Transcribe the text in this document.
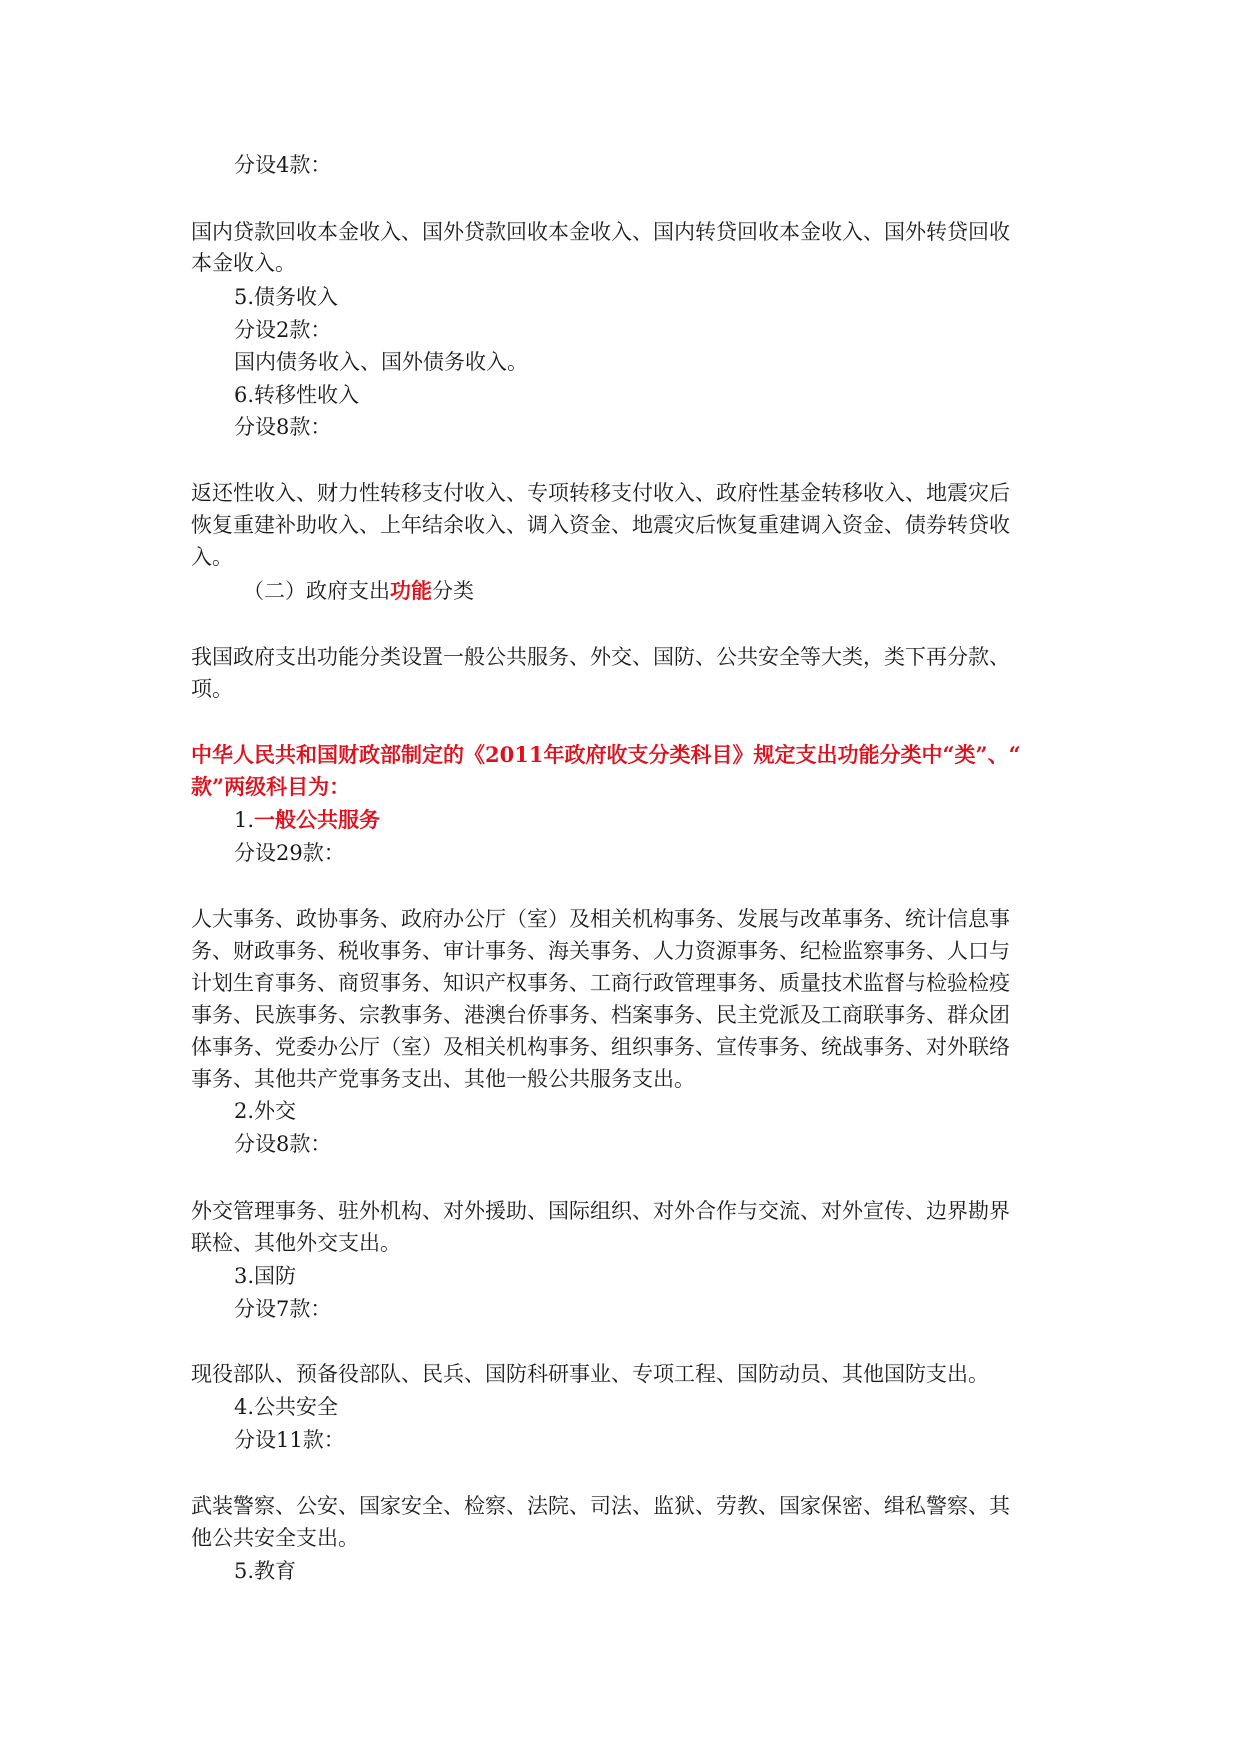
分设4款：
国内贷款回收本金收入、国外贷款回收本金收入、国内转贷回收本金收入、国外转贷回收
本金收入。
5.债务收入
分设2款：
国内债务收入、国外债务收入。
6.转移性收入
分设8款：
返还性收入、财力性转移支付收入、专项转移支付收入、政府性基金转移收入、地震灾后
恢复重建补助收入、上年结余收入、调入资金、地震灾后恢复重建调入资金、债券转贷收
入。
（二）政府支出功能分类
我国政府支出功能分类设置一般公共服务、外交、国防、公共安全等大类，类下再分款、
项。
中华人民共和国财政部制定的《2011年政府收支分类科目》规定支出功能分类中“类”、“
款”两级科目为：
1.一般公共服务
分设29款：
人大事务、政协事务、政府办公厅（室）及相关机构事务、发展与改革事务、统计信息事
务、财政事务、税收事务、审计事务、海关事务、人力资源事务、纪检监察事务、人口与
计划生育事务、商贸事务、知识产权事务、工商行政管理事务、质量技术监督与检验检疫
事务、民族事务、宗教事务、港澳台侨事务、档案事务、民主党派及工商联事务、群众团
体事务、党委办公厅（室）及相关机构事务、组织事务、宣传事务、统战事务、对外联络
事务、其他共产党事务支出、其他一般公共服务支出。
2.外交
分设8款：
外交管理事务、驻外机构、对外援助、国际组织、对外合作与交流、对外宣传、边界勘界
联检、其他外交支出。
3.国防
分设7款：
现役部队、预备役部队、民兵、国防科研事业、专项工程、国防动员、其他国防支出。
4.公共安全
分设11款：
武装警察、公安、国家安全、检察、法院、司法、监狱、劳教、国家保密、缉私警察、其
他公共安全支出。
5.教育
